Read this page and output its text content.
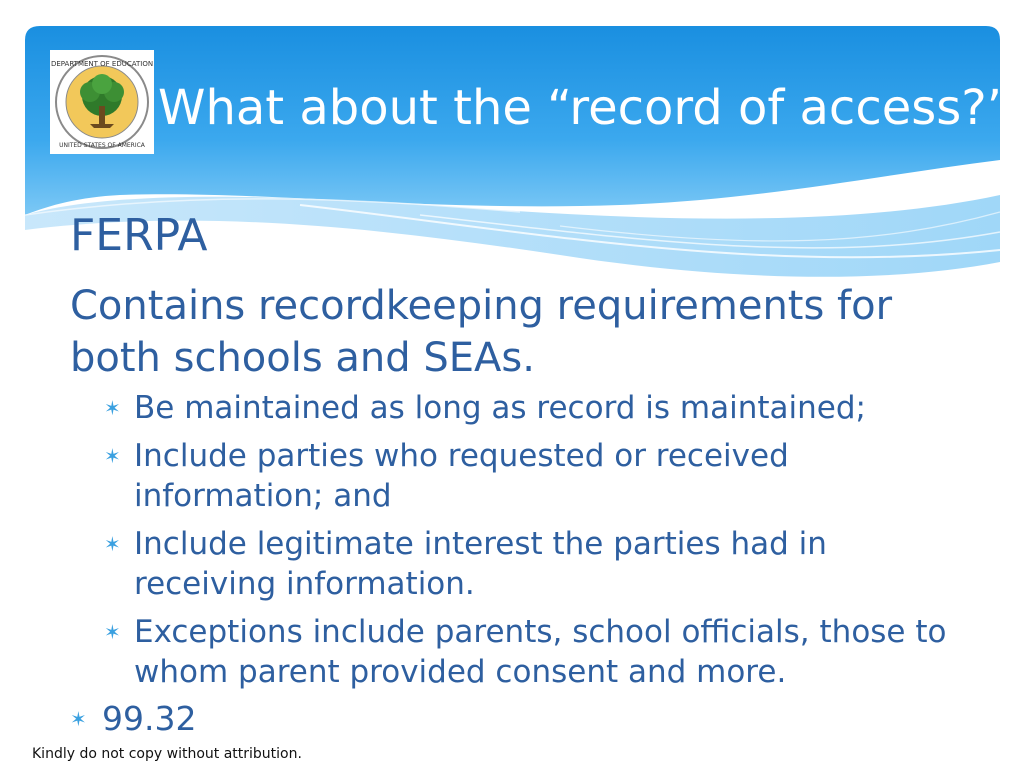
DEPARTMENT OF EDUCATION
UNITED STATES OF AMERICA
What about the “record of access?”
FERPA
Contains recordkeeping requirements for both schools and SEAs.
✶ Be maintained as long as record is maintained;
✶ Include parties who requested or received information; and
✶ Include legitimate interest the parties had in receiving information.
✶ Exceptions include parents, school officials, those to whom parent provided consent and more.
✶ 99.32
Kindly do not copy without attribution.
